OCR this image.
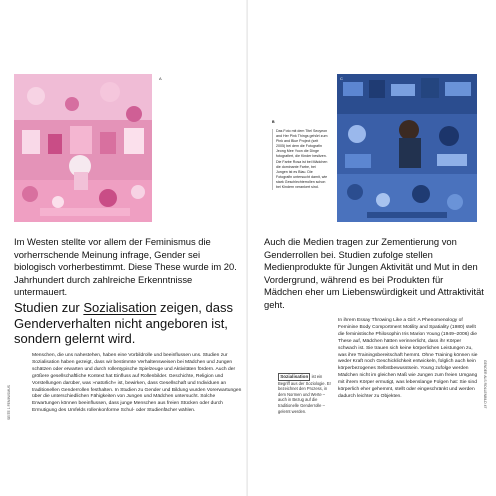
A

Im Westen stellte vor allem der Feminismus die vorherrschende Meinung infrage, Gender sei biologisch vorherbestimmt. Diese These wurde im 20. Jahrhundert durch zahlreiche Erkenntnisse untermauert.

Studien zur Sozialisation zeigen, dass Genderverhalten nicht angeboren ist, sondern gelernt wird.

Menschen, die uns nahestehen, haben eine Vorbildrolle und beeinflussen uns. Studien zur Sozialisation haben gezeigt, dass wir bestimmte Verhaltensweisen bei Mädchen und Jungen schätzen oder erwarten und durch rollentypische Spielzeuge und Aktivitäten fördern. Auch der größere gesellschaftliche Kontext hat Einfluss auf Rollenbilder. Geschichte, Religion und Vorstellungen darüber, was »natürlich« ist, bewirken, dass Gesellschaft und Individuen an traditionellen Genderrollen festhalten. In Studien zu Gender und Bildung wurden Vorerwartungen über die unterschiedlichen Fähigkeiten von Jungen und Mädchen untersucht. Solche Erwartungen können beeinflussen, dass junge Menschen aus freien Stücken oder durch Ermutigung des Umfelds rollenkonforme Schul- oder Studienfächer wählen.

SEITE 1 FEMINISMUS
B

Das Foto mit dem Titel Seoyeon and Her Pink Things gehört zum Pink and Blue Project (seit 2005) bei dem die Fotografin Jeong Mee Yoon die Dinge fotografiert, die Kinder besitzen. Die Farbe Rosa ist bei Mädchen die dominante Farbe, bei Jungen ist es Blau. Die Fotografin untersucht damit, wie stark Geschlechterrollen schon bei Kindern verankert sind.

C

Auch die Medien tragen zur Zementierung von Genderrollen bei. Studien zufolge stellen Medienprodukte für Jungen Aktivität und Mut in den Vordergrund, während es bei Produkten für Mädchen eher um Liebenswürdigkeit und Attraktivität geht.

Sozialisation ist ein Begriff aus der Soziologie. Er bezeichnet den Prozess, in dem Normen und Werte – auch in Bezug auf die traditionelle Genderrolle – gelernt werden.

In ihrem Essay Throwing Like a Girl: A Phenomenology of Feminine Body Comportment Motility and Spatiality (1980) stellt die feministische Philosophin Iris Marion Young (1949–2006) die These auf, Mädchen hätten verinnerlicht, dass ihr Körper schwach ist. Sie trauen sich keine körperlichen Leistungen zu, was ihre Trainingsbereitschaft hemmt. Ohne Training können sie weder Kraft noch Geschicklichkeit entwickeln, folglich auch kein körperbezogenes Selbstbewusstsein. Young zufolge werden Mädchen nicht im gleichen Maß wie Jungen zum freien Umgang mit ihrem Körper ermutigt, was lebenslange Folgen hat: Sie sind körperlich eher gehemmt, stellt oder eingeschränkt und werden dadurch leichter zu Objekten.	GENDER ALS ROLLENBILD 47
